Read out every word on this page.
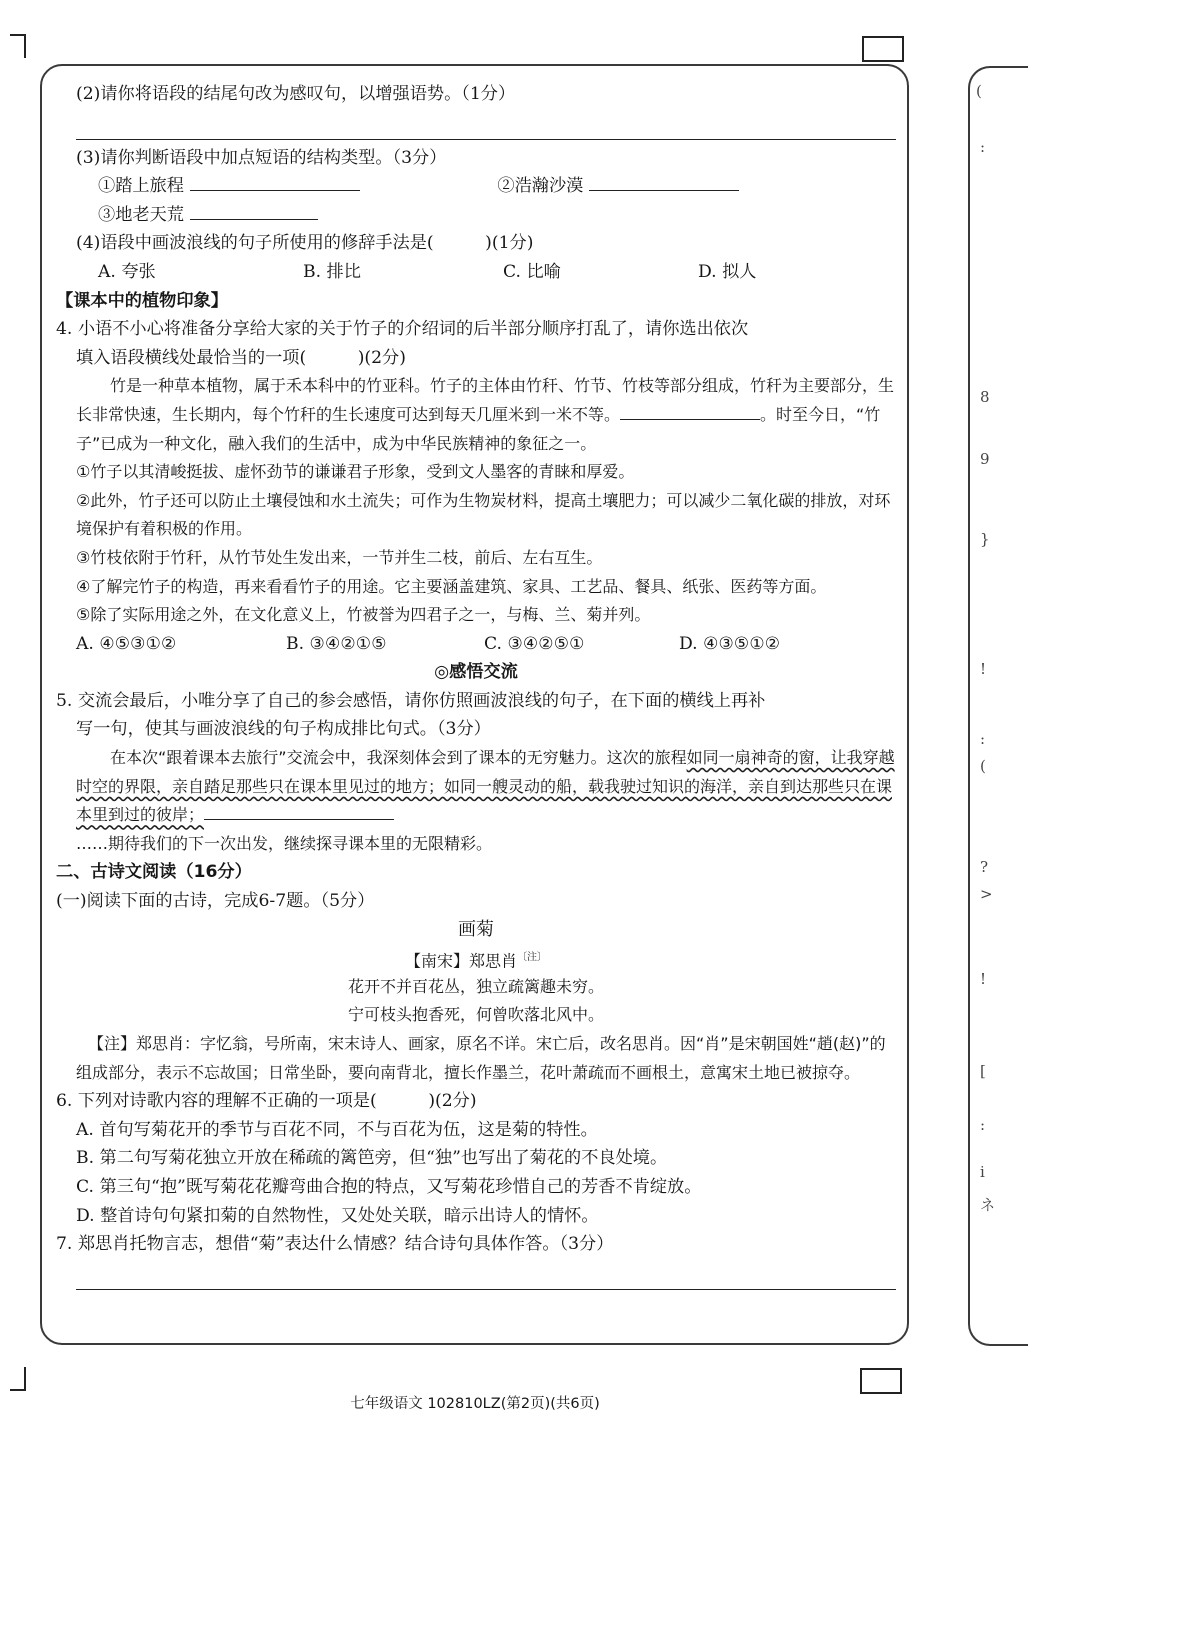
(
:
8
9
}
!
:
(
?
>
!
[
:
i
ネ
(2)请你将语段的结尾句改为感叹句，以增强语势。（1分）
(3)请你判断语段中加点短语的结构类型。（3分）
①踏上旅程	②浩瀚沙漠
③地老天荒
(4)语段中画波浪线的句子所使用的修辞手法是(　　　)(1分)
A. 夸张	B. 排比	C. 比喻	D. 拟人
【课本中的植物印象】
4. 小语不小心将准备分享给大家的关于竹子的介绍词的后半部分顺序打乱了，请你选出依次
填入语段横线处最恰当的一项(　　　)(2分)
竹是一种草本植物，属于禾本科中的竹亚科。竹子的主体由竹秆、竹节、竹枝等部分组成，竹秆为主要部分，生长非常快速，生长期内，每个竹秆的生长速度可达到每天几厘米到一米不等。	。时至今日，“竹子”已成为一种文化，融入我们的生活中，成为中华民族精神的象征之一。
①竹子以其清峻挺拔、虚怀劲节的谦谦君子形象，受到文人墨客的青睐和厚爱。
②此外，竹子还可以防止土壤侵蚀和水土流失；可作为生物炭材料，提高土壤肥力；可以减少二氧化碳的排放，对环境保护有着积极的作用。
③竹枝依附于竹秆，从竹节处生发出来，一节并生二枝，前后、左右互生。
④了解完竹子的构造，再来看看竹子的用途。它主要涵盖建筑、家具、工艺品、餐具、纸张、医药等方面。
⑤除了实际用途之外，在文化意义上，竹被誉为四君子之一，与梅、兰、菊并列。
A. ④⑤③①②	B. ③④②①⑤	C. ③④②⑤①	D. ④③⑤①②
◎感悟交流
5. 交流会最后，小唯分享了自己的参会感悟，请你仿照画波浪线的句子，在下面的横线上再补
写一句，使其与画波浪线的句子构成排比句式。（3分）
在本次“跟着课本去旅行”交流会中，我深刻体会到了课本的无穷魅力。这次的旅程如同一扇神奇的窗，让我穿越时空的界限，亲自踏足那些只在课本里见过的地方；如同一艘灵动的船，载我驶过知识的海洋，亲自到达那些只在课本里到过的彼岸；
……期待我们的下一次出发，继续探寻课本里的无限精彩。
二、古诗文阅读（16分）
(一)阅读下面的古诗，完成6-7题。（5分）
画菊
【南宋】郑思肖$^{〔注〕}$
花开不并百花丛，独立疏篱趣未穷。
宁可枝头抱香死，何曾吹落北风中。
【注】郑思肖：字忆翁，号所南，宋末诗人、画家，原名不详。宋亡后，改名思肖。因“肖”是宋朝国姓“趙(赵)”的组成部分，表示不忘故国；日常坐卧，要向南背北，擅长作墨兰，花叶萧疏而不画根土，意寓宋土地已被掠夺。
6. 下列对诗歌内容的理解不正确的一项是(　　　)(2分)
A. 首句写菊花开的季节与百花不同，不与百花为伍，这是菊的特性。
B. 第二句写菊花独立开放在稀疏的篱笆旁，但“独”也写出了菊花的不良处境。
C. 第三句“抱”既写菊花花瓣弯曲合抱的特点，又写菊花珍惜自己的芳香不肯绽放。
D. 整首诗句句紧扣菊的自然物性，又处处关联，暗示出诗人的情怀。
7. 郑思肖托物言志，想借“菊”表达什么情感？结合诗句具体作答。（3分）
七年级语文 102810LZ(第2页)(共6页)
